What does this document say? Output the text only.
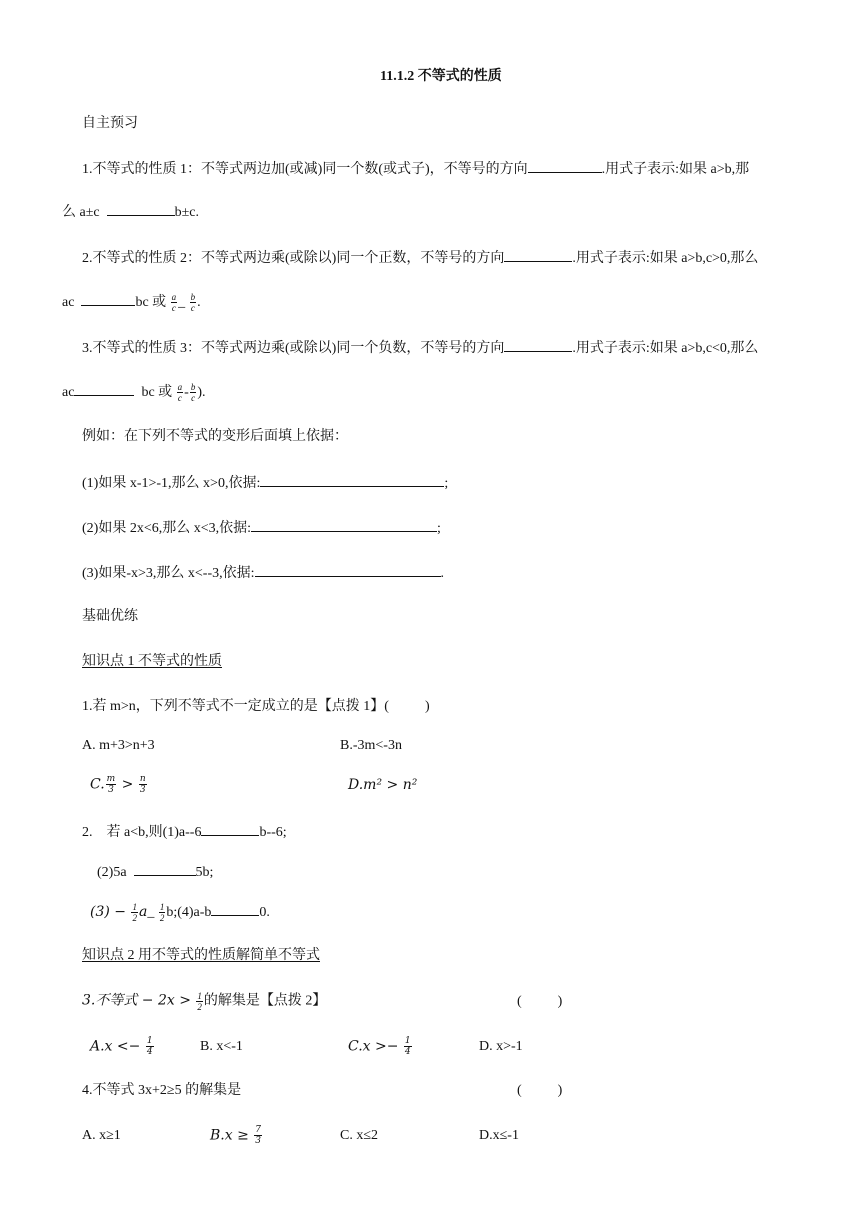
11.1.2 不等式的性质
自主预习
1.不等式的性质 1：不等式两边加(或减)同一个数(或式子)，不等号的方向	.用式子表示:如果 a>b,那
么 a±c	b±c.
2.不等式的性质 2：不等式两边乘(或除以)同一个正数，不等号的方向	.用式子表示:如果 a>b,c>0,那么
ac	bc 或 $\frac{a}{c}$ _ $\frac{b}{c}$ .
3.不等式的性质 3：不等式两边乘(或除以)同一个负数，不等号的方向	.用式子表示:如果 a>b,c<0,那么
ac	bc 或 $\frac{a}{c} - \frac{b}{c}$ ).
例如：在下列不等式的变形后面填上依据：
(1)如果 x-1>-1,那么 x>0,依据:	;
(2)如果 2x<6,那么 x<3,依据:	;
(3)如果-x>3,那么 x<--3,依据:	.
基础优练
知识点 1 不等式的性质
1.若 m>n，下列不等式不一定成立的是【点拨 1】(	)
A. m+3>n+3	B.-3m<-3n
C. $\frac{m}{3} > \frac{n}{3}$	D.m² > n²
2. 若 a<b,则(1)a--6	b--6;
(2)5a	5b;
$(3) - \frac{1}{2}$ a_ $\frac{1}{2}$ b;(4)a-b	0.
知识点 2 用不等式的性质解简单不等式
3.不等式 − $2x > \frac{1}{2}$ 的解集是【点拨 2】	(	)
$A.x <- \frac{1}{4}$	B. x<-1	$C.x >- \frac{1}{4}$	D. x>-1
4.不等式 3x+2≥5 的解集是	(	)
A. x≥1	$B.x \ge \frac{7}{3}$	C. x≤2	D.x≤-1
